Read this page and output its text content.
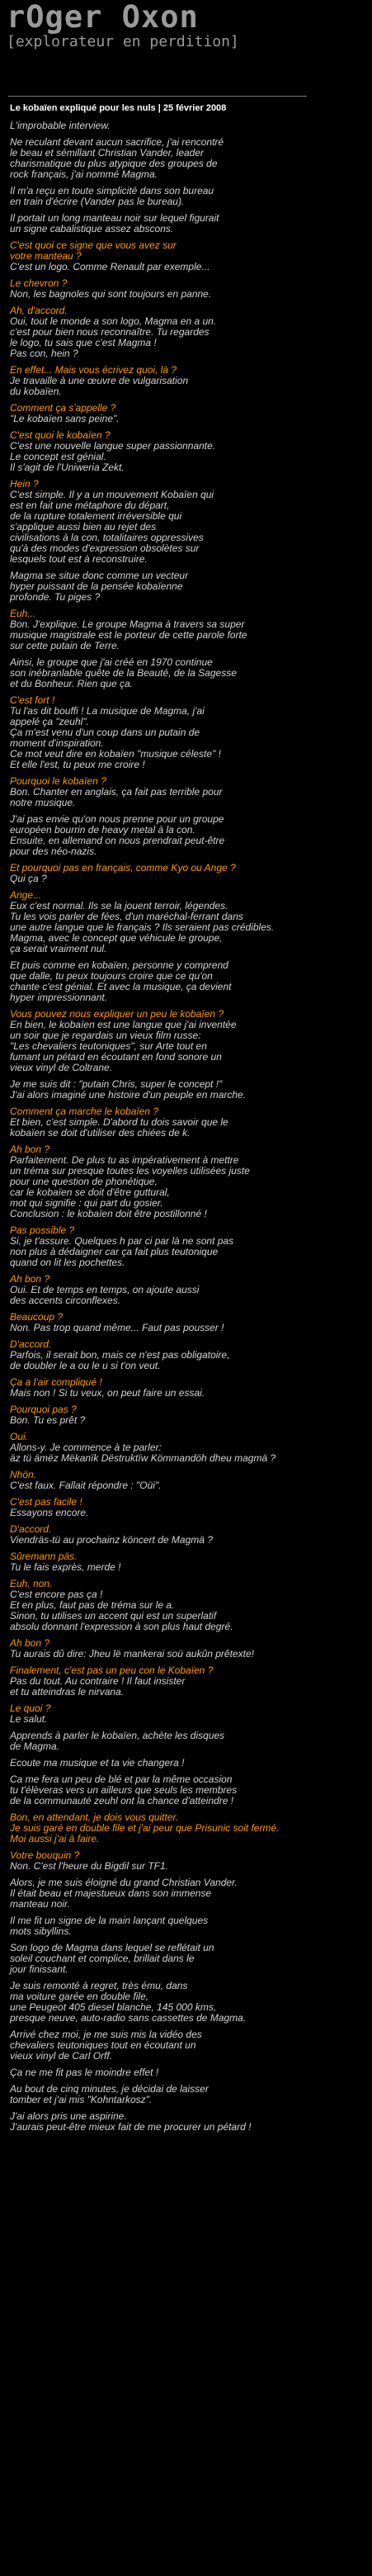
rOger Oxon

[explorateur en perdition]

Le kobaïen expliqué pour les nuls | 25 février 2008
L'improbable interview.
Ne reculant devant aucun sacrifice, j'ai rencontré
le beau et sémillant Christian Vander, leader
charismatique du plus atypique des groupes de
rock français, j'ai nommé Magma.
Il m'a reçu en toute simplicité dans son bureau
en train d'écrire (Vander pas le bureau).
Il portait un long manteau noir sur lequel figurait
un signe cabalistique assez abscons.
C'est quoi ce signe que vous avez sur
votre manteau ?
C'est un logo. Comme Renault par exemple...
Le chevron ?
Non, les bagnoles qui sont toujours en panne.
Ah, d'accord.
Oui, tout le monde a son logo, Magma en a un.
c'est pour bien nous reconnaître. Tu regardes
le logo, tu sais que c'est Magma !
Pas con, hein ?
En effet... Mais vous écrivez quoi, là ?
Je travaille à une œuvre de vulgarisation
du kobaïen.
Comment ça s'appelle ?
"Le kobaïen sans peine".
C'est quoi le kobaïen ?
C'est une nouvelle langue super passionnante.
Le concept est génial.
Il s'agit de l'Uniweria Zekt.
Hein ?
C'est simple. Il y a un mouvement Kobaïen qui
est en fait une métaphore du départ,
de la rupture totalement irréversible qui
s'applique aussi bien au rejet des
civilisations à la con, totalitaires oppressives
qu'à des modes d'expression obsolètes sur
lesquels tout est à reconstruire.
Magma se situe donc comme un vecteur
hyper puissant de la pensée kobaïenne
profonde. Tu piges ?
Euh...
Bon. J'explique. Le groupe Magma à travers sa super
musique magistrale est le porteur de cette parole forte
sur cette putain de Terre.
Ainsi, le groupe que j'ai créé en 1970 continue
son inébranlable quête de la Beauté, de la Sagesse
et du Bonheur. Rien que ça.
C'est fort !
Tu l'as dit bouffi ! La musique de Magma, j'ai
appelé ça "zeuhl".
Ça m'est venu d'un coup dans un putain de
moment d'inspiration.
Ce mot veut dire en kobaïen "musique céleste" !
Et elle l'est, tu peux me croire !
Pourquoi le kobaïen ?
Bon. Chanter en anglais, ça fait pas terrible pour
notre musique.
J'ai pas envie qu'on nous prenne pour un groupe
européen bourrin de heavy metal à la con.
Ensuite, en allemand on nous prendrait peut-être
pour des néo-nazis.
Et pourquoi pas en français, comme Kyo ou Ange ?
Qui ça ?
Ange...
Eux c'est normal. Ils se la jouent terroir, légendes.
Tu les vois parler de fées, d'un maréchal-ferrant dans
une autre langue que le français ? Ils seraient pas crédibles.
Magma, avec le concept que véhicule le groupe,
ça serait vraiment nul.
Et puis comme en kobaïen, personne y comprend
que dalle, tu peux toujours croire que ce qu'on
chante c'est génial. Et avec la musique, ça devient
hyper impressionnant.
Vous pouvez nous expliquer un peu le kobaïen ?
En bien, le kobaïen est une langue que j'ai inventée
un soir que je regardais un vieux film russe:
"Les chevaliers teutoniques", sur Arte tout en
fumant un pétard en écoutant en fond sonore un
vieux vinyl de Coltrane.
Je me suis dit : "putain Chris, super le concept !"
J'ai alors imaginé une histoire d'un peuple en marche.
Comment ça marche le kobaïen ?
Et bien, c'est simple. D'abord tu dois savoir que le
kobaïen se doit d'utiliser des chiées de k.
Ah bon ?
Parfaitement. De plus tu as impérativement à mettre
un tréma sur presque toutes les voyelles utilisées juste
pour une question de phonétique,
car le kobaïen se doit d'être guttural,
mot qui signifie : qui part du gosier.
Conclusion : le kobaïen doit être postillonné !
Pas possible ?
Si, je t'assure. Quelques h par ci par là ne sont pas
non plus à dédaigner car ça fait plus teutonique
quand on lit les pochettes.
Ah bon ?
Oui. Et de temps en temps, on ajoute aussi
des accents circonflexes.
Beaucoup ?
Non. Pas trop quand même... Faut pas pousser !
D'accord.
Parfois, il serait bon, mais ce n'est pas obligatoire,
de doubler le a ou le u si t'on veut.
Ça a l'air compliqué !
Mais non ! Si tu veux, on peut faire un essai.
Pourquoi pas ?
Bon. Tu es prêt ?
Oui.
Allons-y. Je commence à te parler:
äz tü ämëz Mëkanïk Dëstruktïw Kömmandöh dheu magmä ?
Nhön.
C'est faux. Fallait répondre : "Oüi".
C'est pas facile !
Essayons encore.
D'accord.
Viendräs-tü au prochainz köncert de Magmä ?
Sûremann päs.
Tu le fais exprès, merde !
Euh, non.
C'est encore pas ça !
Et en plus, faut pas de tréma sur le a.
Sinon, tu utilises un accent qui est un superlatif
absolu donnant l'expression à son plus haut degré.
Ah bon ?
Tu aurais dû dire: Jheu lë mankerai soü aukûn prêtexte!
Finalement, c'est pas un peu con le Kobaïen ?
Pas du tout. Au contraire ! Il faut insister
et tu atteindras le nirvana.
Le quoi ?
Le salut.
Apprends à parler le kobaïen, achète les disques
de Magma.
Ecoute ma musique et ta vie changera !
Ca me fera un peu de blé et par la même occasion
tu t'élèveras vers un ailleurs que seuls les membres
de la communauté zeuhl ont la chance d'atteindre !
Bon, en attendant, je dois vous quitter.
Je suis garé en double file et j'ai peur que Prisunic soit fermé.
Moi aussi j'ai à faire.
Votre bouquin ?
Non. C'est l'heure du Bigdil sur TF1.
Alors, je me suis éloigné du grand Christian Vander.
Il était beau et majestueux dans son immense
manteau noir.
Il me fit un signe de la main lançant quelques
mots sibyllins.
Son logo de Magma dans lequel se reflétait un
soleil couchant et complice, brillait dans le
jour finissant.
Je suis remonté à regret, très ému, dans
ma voiture garée en double file,
une Peugeot 405 diesel blanche, 145 000 kms,
presque neuve, auto-radio sans cassettes de Magma.
Arrivé chez moi, je me suis mis la vidéo des
chevaliers teutoniques tout en écoutant un
vieux vinyl de Carl Orff.
Ça ne me fit pas le moindre effet !
Au bout de cinq minutes, je décidai de laisser
tomber et j'ai mis "Kohntarkosz".
J'ai alors pris une aspirine.
J'aurais peut-être mieux fait de me procurer un pétard !
